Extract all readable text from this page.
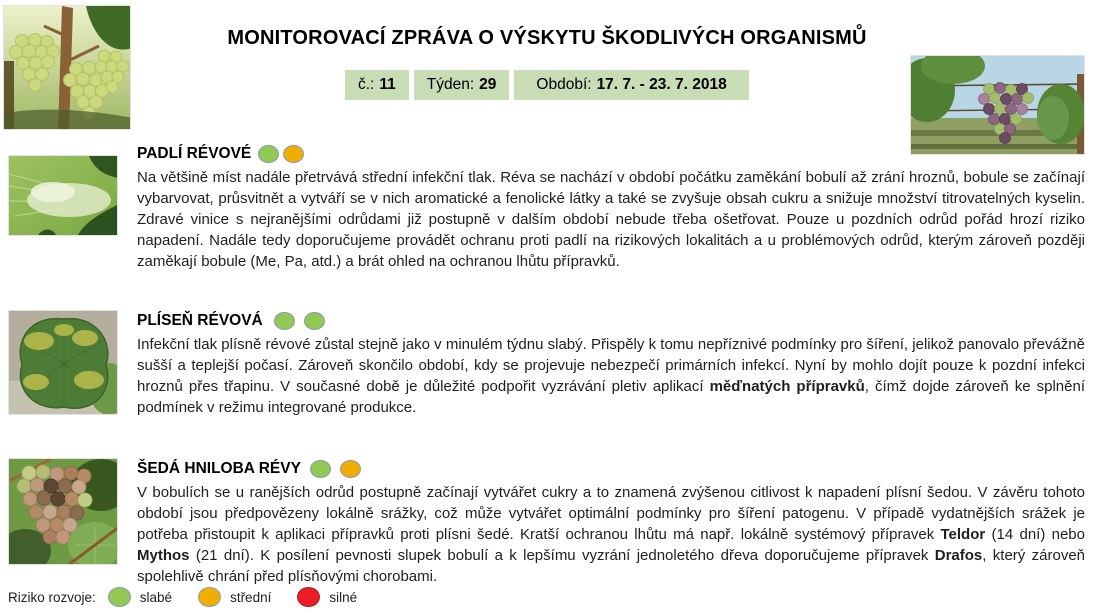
MONITOROVACÍ ZPRÁVA O VÝSKYTU ŠKODLIVÝCH ORGANISMŮ
č.: 11	Týden: 29	Období: 17. 7. - 23. 7. 2018
PADLÍ RÉVOVÉ
Na většině míst nadále přetrvává střední infekční tlak. Réva se nachází v období počátku zaměkání bobulí až zrání hroznů, bobule se začínají vybarvovat, průsvitnět a vytváří se v nich aromatické a fenolické látky a také se zvyšuje obsah cukru a snižuje množství titrovatelných kyselin. Zdravé vinice s nejranějšími odrůdami již postupně v dalším období nebude třeba ošetřovat. Pouze u pozdních odrůd pořád hrozí riziko napadení. Nadále tedy doporučujeme provádět ochranu proti padlí na rizikových lokalitách a u problémových odrůd, kterým zároveň později zaměkají bobule (Me, Pa, atd.) a brát ohled na ochranou lhůtu přípravků.
PLÍSEŇ RÉVOVÁ
Infekční tlak plísně révové zůstal stejně jako v minulém týdnu slabý. Přispěly k tomu nepříznivé podmínky pro šíření, jelikož panovalo převážně sušší a teplejší počasí. Zároveň skončilo období, kdy se projevuje nebezpečí primárních infekcí. Nyní by mohlo dojít pouze k pozdní infekci hroznů přes třapinu. V současné době je důležité podpořit vyzrávání pletiv aplikací měďnatých přípravků, čímž dojde zároveň ke splnění podmínek v režimu integrované produkce.
ŠEDÁ HNILOBA RÉVY
V bobulích se u ranějších odrůd postupně začínají vytvářet cukry a to znamená zvýšenou citlivost k napadení plísní šedou. V závěru tohoto období jsou předpovězeny lokálně srážky, což může vytvářet optimální podmínky pro šíření patogenu. V případě vydatnějších srážek je potřeba přistoupit k aplikaci přípravků proti plísni šedé. Kratší ochranou lhůtu má např. lokálně systémový přípravek Teldor (14 dní) nebo Mythos (21 dní). K posílení pevnosti slupek bobulí a k lepšímu vyzrání jednoletého dřeva doporučujeme přípravek Drafos, který zároveň spolehlivě chrání před plísňovými chorobami.
Riziko rozvoje:	slabé	střední	silné
